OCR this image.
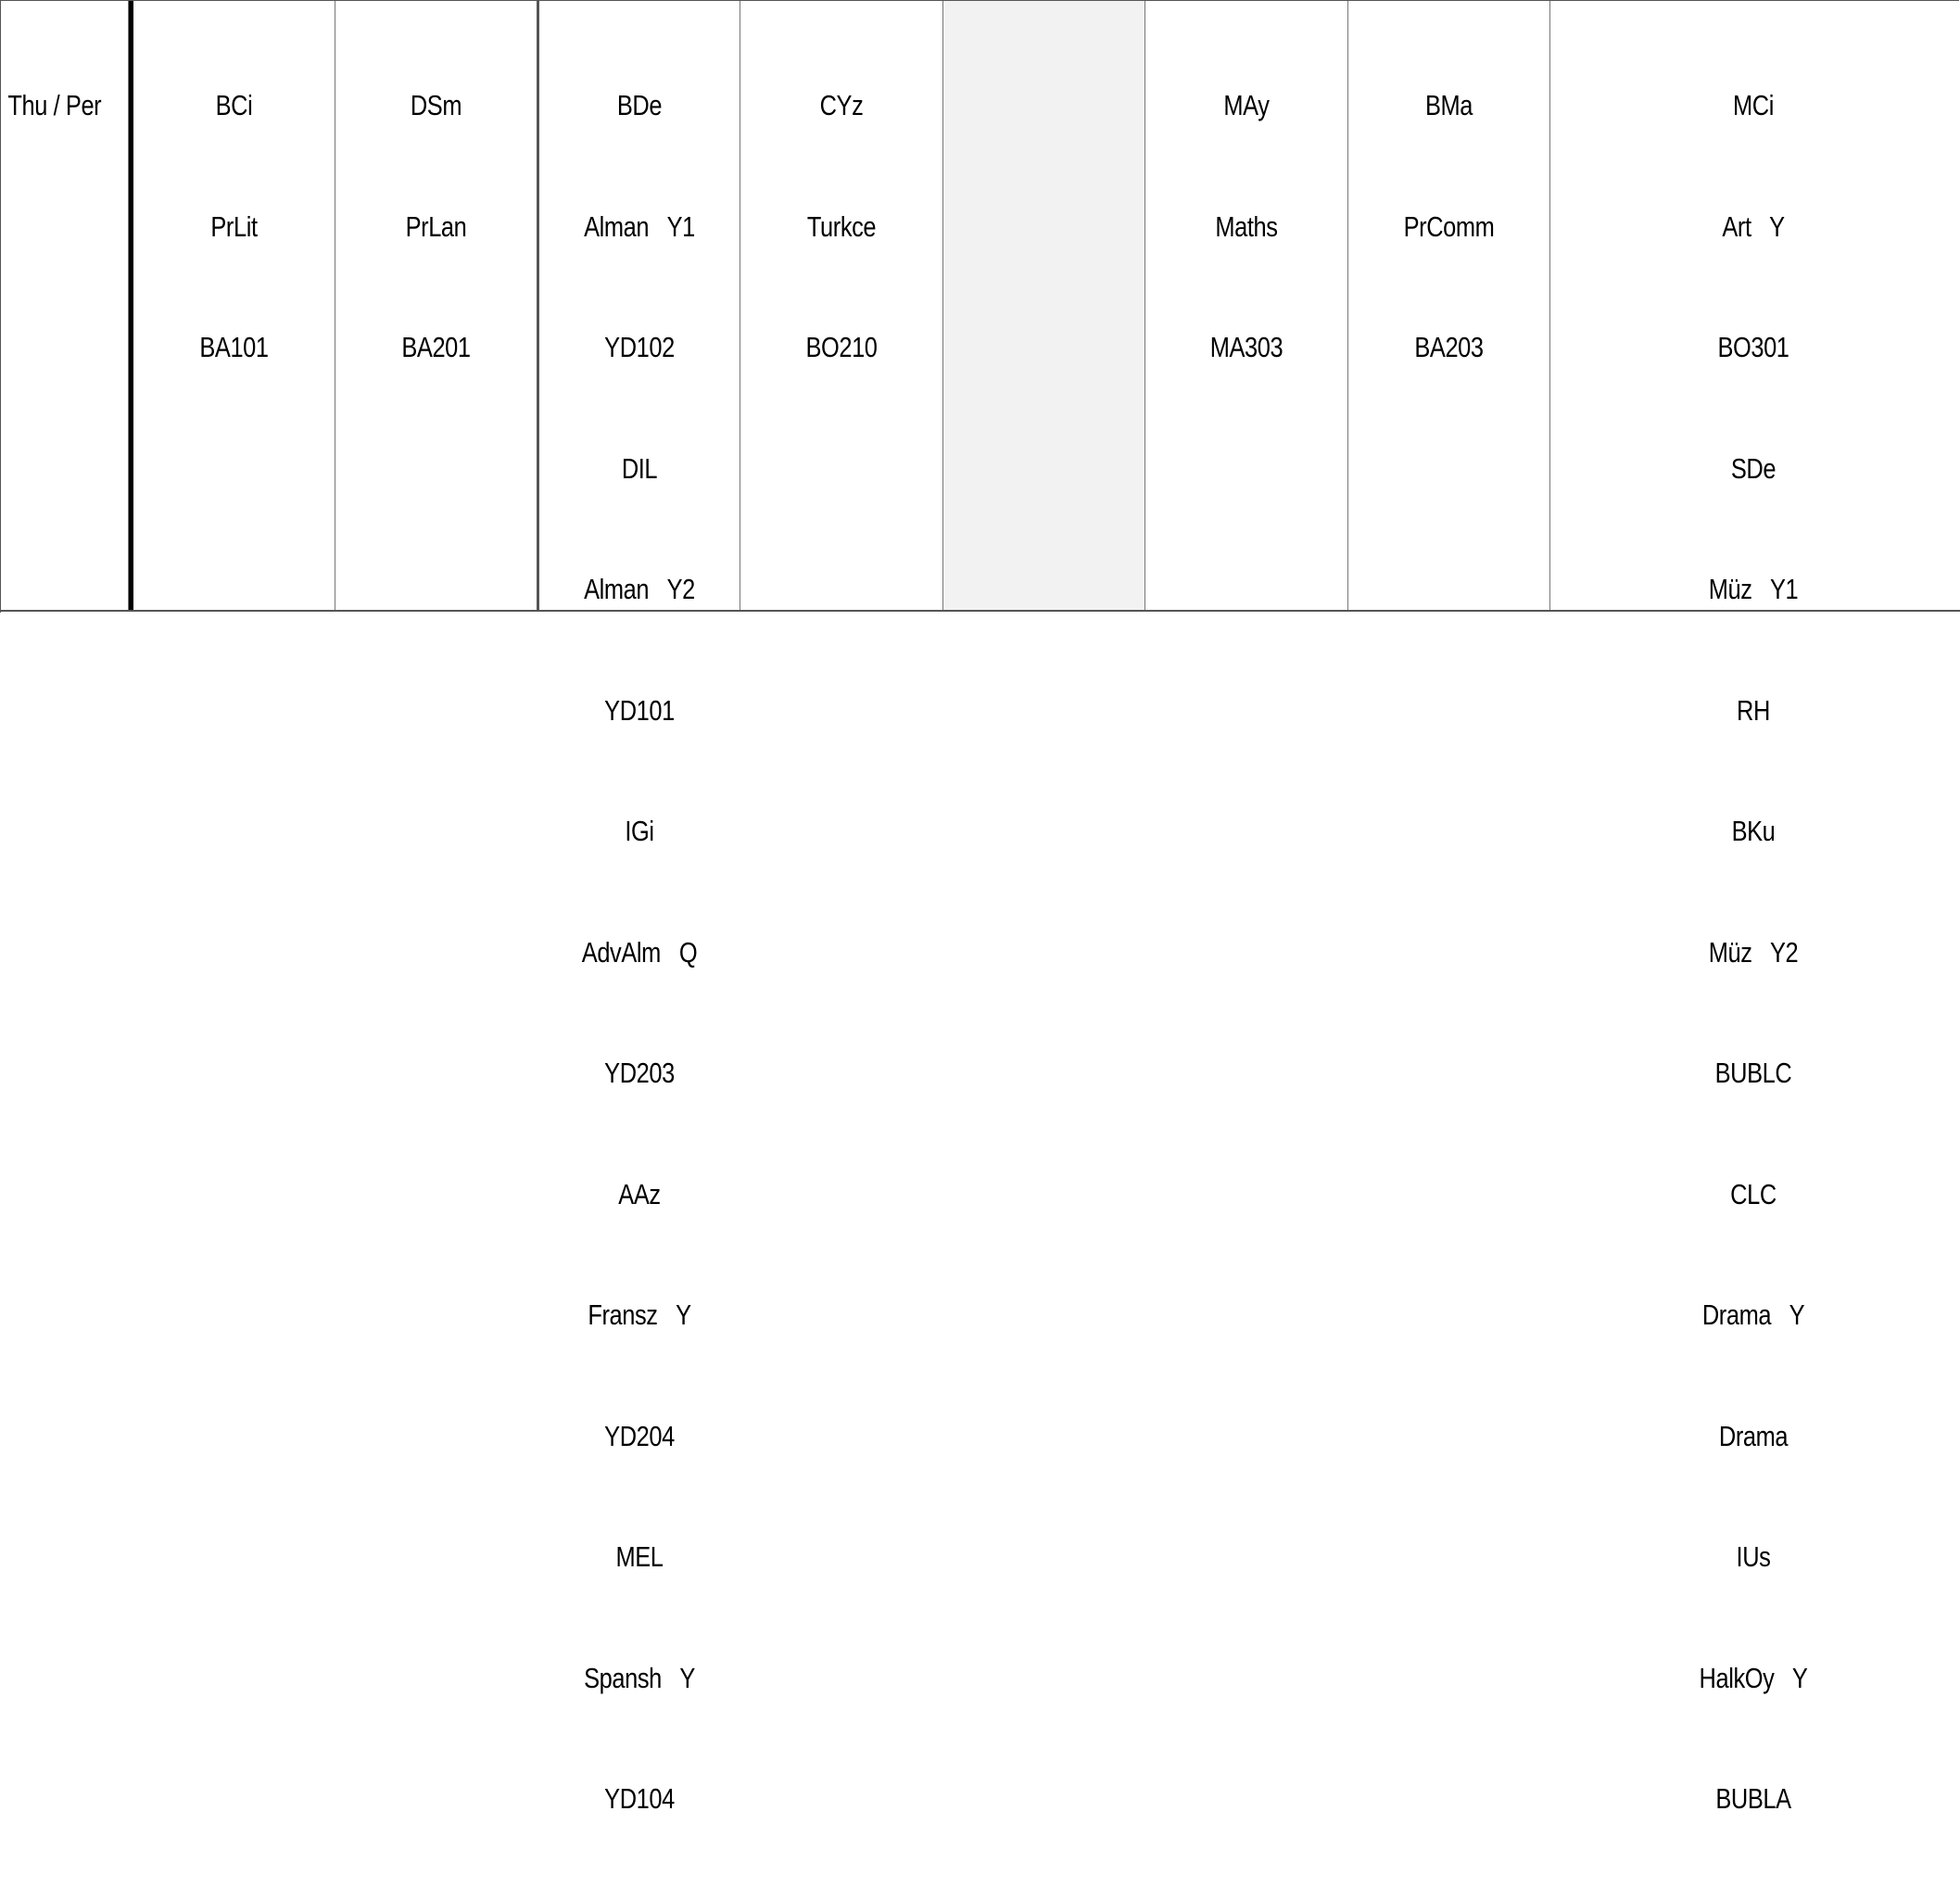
Thu / Per

	BCi

PrLit

BA101

DSm

PrLan

BA201

BDe

Alman   Y1

YD102

DIL

Alman   Y2

YD101

IGi

AdvAlm   Q

YD203

AAz

Fransz   Y

YD204

MEL

Spansh   Y

YD104

CYz

Turkce

BO210

MAy

Maths

MA303

BMa

PrComm

BA203

MCi

Art   Y

BO301

SDe

Müz   Y1

RH

BKu

Müz   Y2

BUBLC

CLC

Drama   Y

Drama

IUs

HalkOy   Y

BUBLA
